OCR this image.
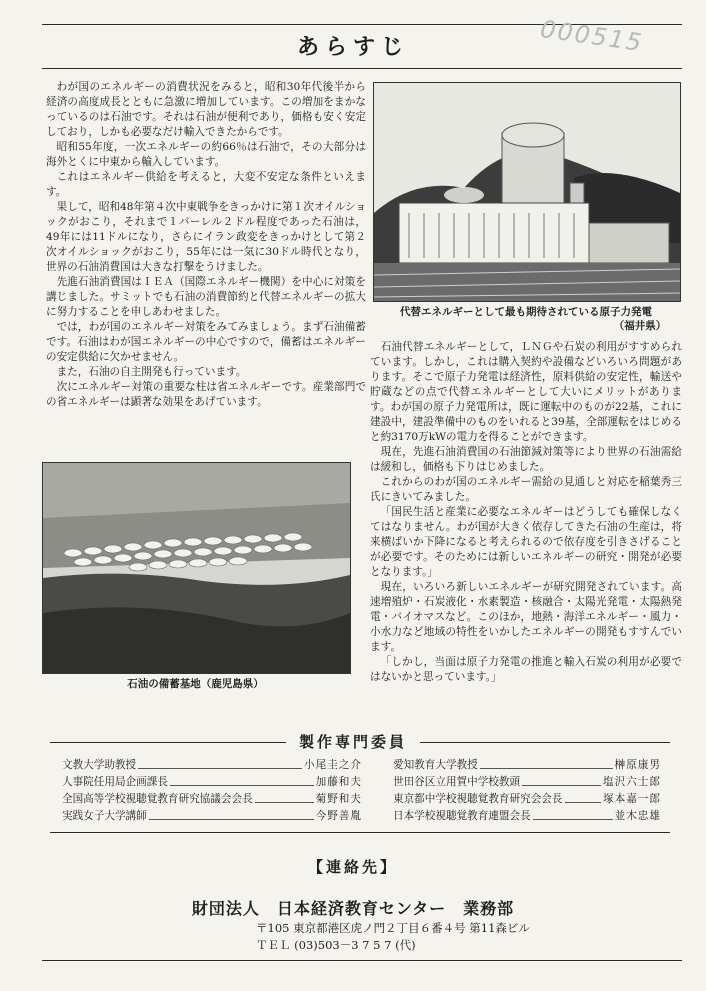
あらすじ	000515

わが国のエネルギーの消費状況をみると，昭和30年代後半から経済の高度成長とともに急激に増加しています。この増加をまかなっているのは石油です。それは石油が便利であり，価格も安く安定しており，しかも必要なだけ輸入できたからです。

昭和55年度，一次エネルギーの約66％は石油で，その大部分は海外とくに中東から輸入しています。

これはエネルギー供給を考えると，大変不安定な条件といえます。

果して，昭和48年第４次中東戦争をきっかけに第１次オイルショックがおこり，それまで１バーレル２ドル程度であった石油は，49年には11ドルになり，さらにイラン政変をきっかけとして第２次オイルショックがおこり，55年には一気に30ドル時代となり，世界の石油消費国は大きな打撃をうけました。

先進石油消費国はＩＥＡ（国際エネルギー機関）を中心に対策を講じました。サミットでも石油の消費節約と代替エネルギーの拡大に努力することを申しあわせました。

では，わが国のエネルギー対策をみてみましょう。まず石油備蓄です。石油はわが国エネルギーの中心ですので，備蓄はエネルギーの安定供給に欠かせません。

また，石油の自主開発も行っています。

次にエネルギー対策の重要な柱は省エネルギーです。産業部門での省エネルギーは顕著な効果をあげています。

代替エネルギーとして最も期待されている原子力発電
（福井県）

石油代替エネルギーとして，ＬＮＧや石炭の利用がすすめられています。しかし，これは購入契約や設備などいろいろ問題があります。そこで原子力発電は経済性，原料供給の安定性，輸送や貯蔵などの点で代替エネルギーとして大いにメリットがあります。わが国の原子力発電所は，既に運転中のものが22基，これに建設中，建設準備中のものをいれると39基，全部運転をはじめると約3170万kWの電力を得ることができます。

現在，先進石油消費国の石油節減対策等により世界の石油需給は緩和し，価格も下りはじめました。

これからのわが国のエネルギー需給の見通しと対応を稲葉秀三氏にきいてみました。

「国民生活と産業に必要なエネルギーはどうしても確保しなくてはなりません。わが国が大きく依存してきた石油の生産は，将来横ばいか下降になると考えられるので依存度を引きさげることが必要です。そのためには新しいエネルギーの研究・開発が必要となります。」

現在，いろいろ新しいエネルギーが研究開発されています。高速増殖炉・石炭液化・水素製造・核融合・太陽光発電・太陽熱発電・バイオマスなど。このほか，地熱・海洋エネルギー・風力・小水力など地域の特性をいかしたエネルギーの開発もすすんでいます。

「しかし，当面は原子力発電の推進と輸入石炭の利用が必要ではないかと思っています。」

石油の備蓄基地（鹿児島県）
製作専門委員
文教大学助教授	小尾圭之介
人事院任用局企画課長	加藤和夫
全国高等学校視聴覚教育研究協議会会長	菊野和夫
実践女子大学講師	今野善胤
愛知教育大学教授	榊原康男
世田谷区立用賀中学校教頭	塩沢六士郎
東京都中学校視聴覚教育研究会会長	塚本嘉一郎
日本学校視聴覚教育連盟会長	並木忠雄
【連絡先】
財団法人　日本経済教育センター　業務部
〒105 東京都港区虎ノ門２丁目６番４号 第11森ビル
ＴＥＬ (03)503－3 7 5 7 (代)
